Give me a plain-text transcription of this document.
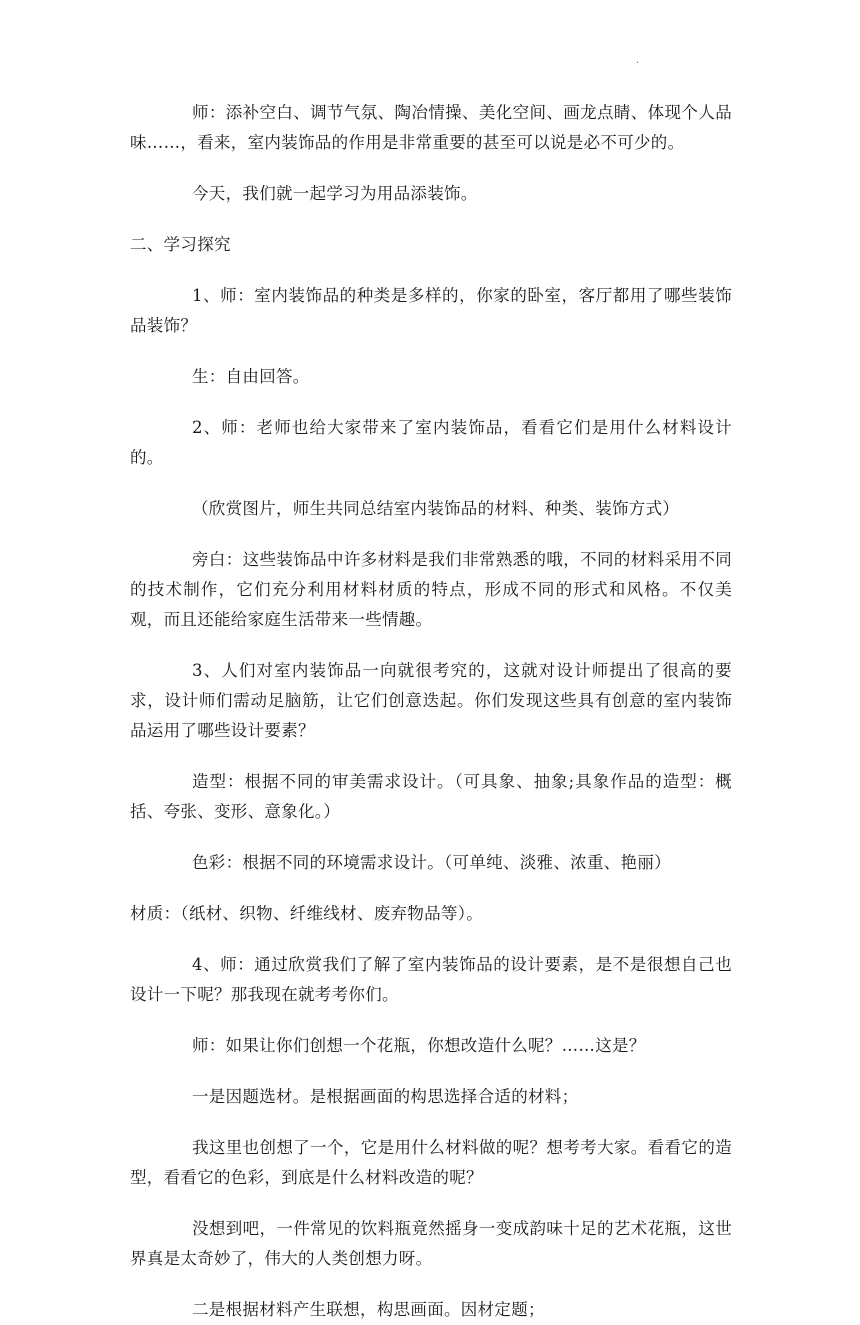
.

师：添补空白、调节气氛、陶冶情操、美化空间、画龙点睛、体现个人品味……，看来，室内装饰品的作用是非常重要的甚至可以说是必不可少的。

今天，我们就一起学习为用品添装饰。

二、学习探究

1、师：室内装饰品的种类是多样的，你家的卧室，客厅都用了哪些装饰品装饰？

生：自由回答。

2、师：老师也给大家带来了室内装饰品，看看它们是用什么材料设计的。

（欣赏图片，师生共同总结室内装饰品的材料、种类、装饰方式）

旁白：这些装饰品中许多材料是我们非常熟悉的哦，不同的材料采用不同的技术制作，它们充分利用材料材质的特点，形成不同的形式和风格。不仅美观，而且还能给家庭生活带来一些情趣。

3、人们对室内装饰品一向就很考究的，这就对设计师提出了很高的要求，设计师们需动足脑筋，让它们创意迭起。你们发现这些具有创意的室内装饰品运用了哪些设计要素？

造型：根据不同的审美需求设计。（可具象、抽象;具象作品的造型：概括、夸张、变形、意象化。）

色彩：根据不同的环境需求设计。（可单纯、淡雅、浓重、艳丽）

材质：（纸材、织物、纤维线材、废弃物品等）。

4、师：通过欣赏我们了解了室内装饰品的设计要素，是不是很想自己也设计一下呢？那我现在就考考你们。

师：如果让你们创想一个花瓶，你想改造什么呢？……这是？

一是因题选材。是根据画面的构思选择合适的材料；

我这里也创想了一个，它是用什么材料做的呢？想考考大家。看看它的造型，看看它的色彩，到底是什么材料改造的呢？

没想到吧，一件常见的饮料瓶竟然摇身一变成韵味十足的艺术花瓶，这世界真是太奇妙了，伟大的人类创想力呀。

二是根据材料产生联想，构思画面。因材定题；
